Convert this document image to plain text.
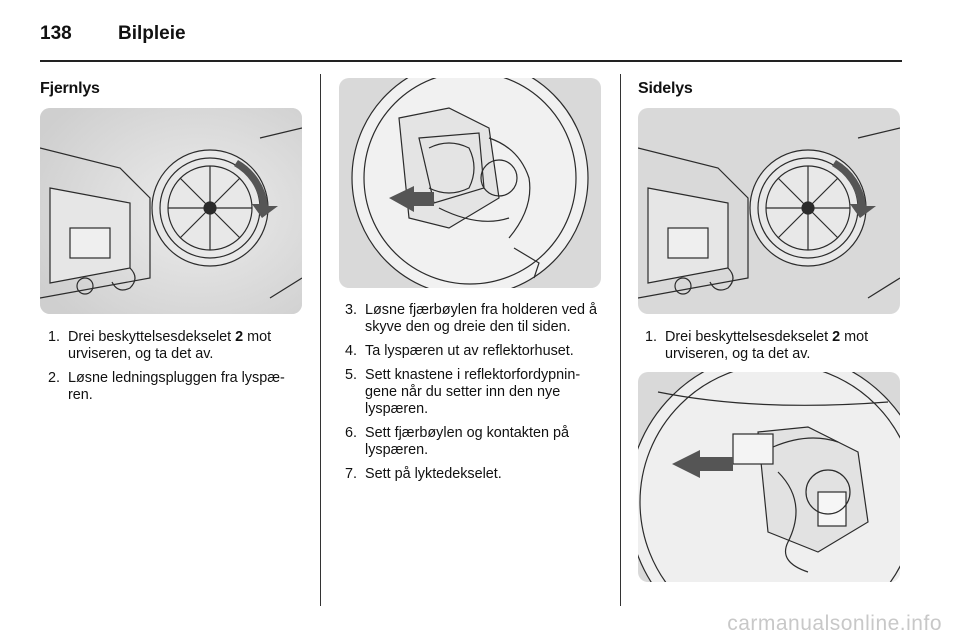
138	Bilpleie
Fjernlys
1. Drei beskyttelsesdekselet 2 mot urviseren, og ta det av.
2. Løsne ledningspluggen fra lyspæ-ren.
3. Løsne fjærbøylen fra holderen ved å skyve den og dreie den til siden.
4. Ta lyspæren ut av reflektorhuset.
5. Sett knastene i reflektorfordypnin-gene når du setter inn den nye lyspæren.
6. Sett fjærbøylen og kontakten på lyspæren.
7. Sett på lyktedekselet.
Sidelys
1. Drei beskyttelsesdekselet 2 mot urviseren, og ta det av.
carmanualsonline.info
